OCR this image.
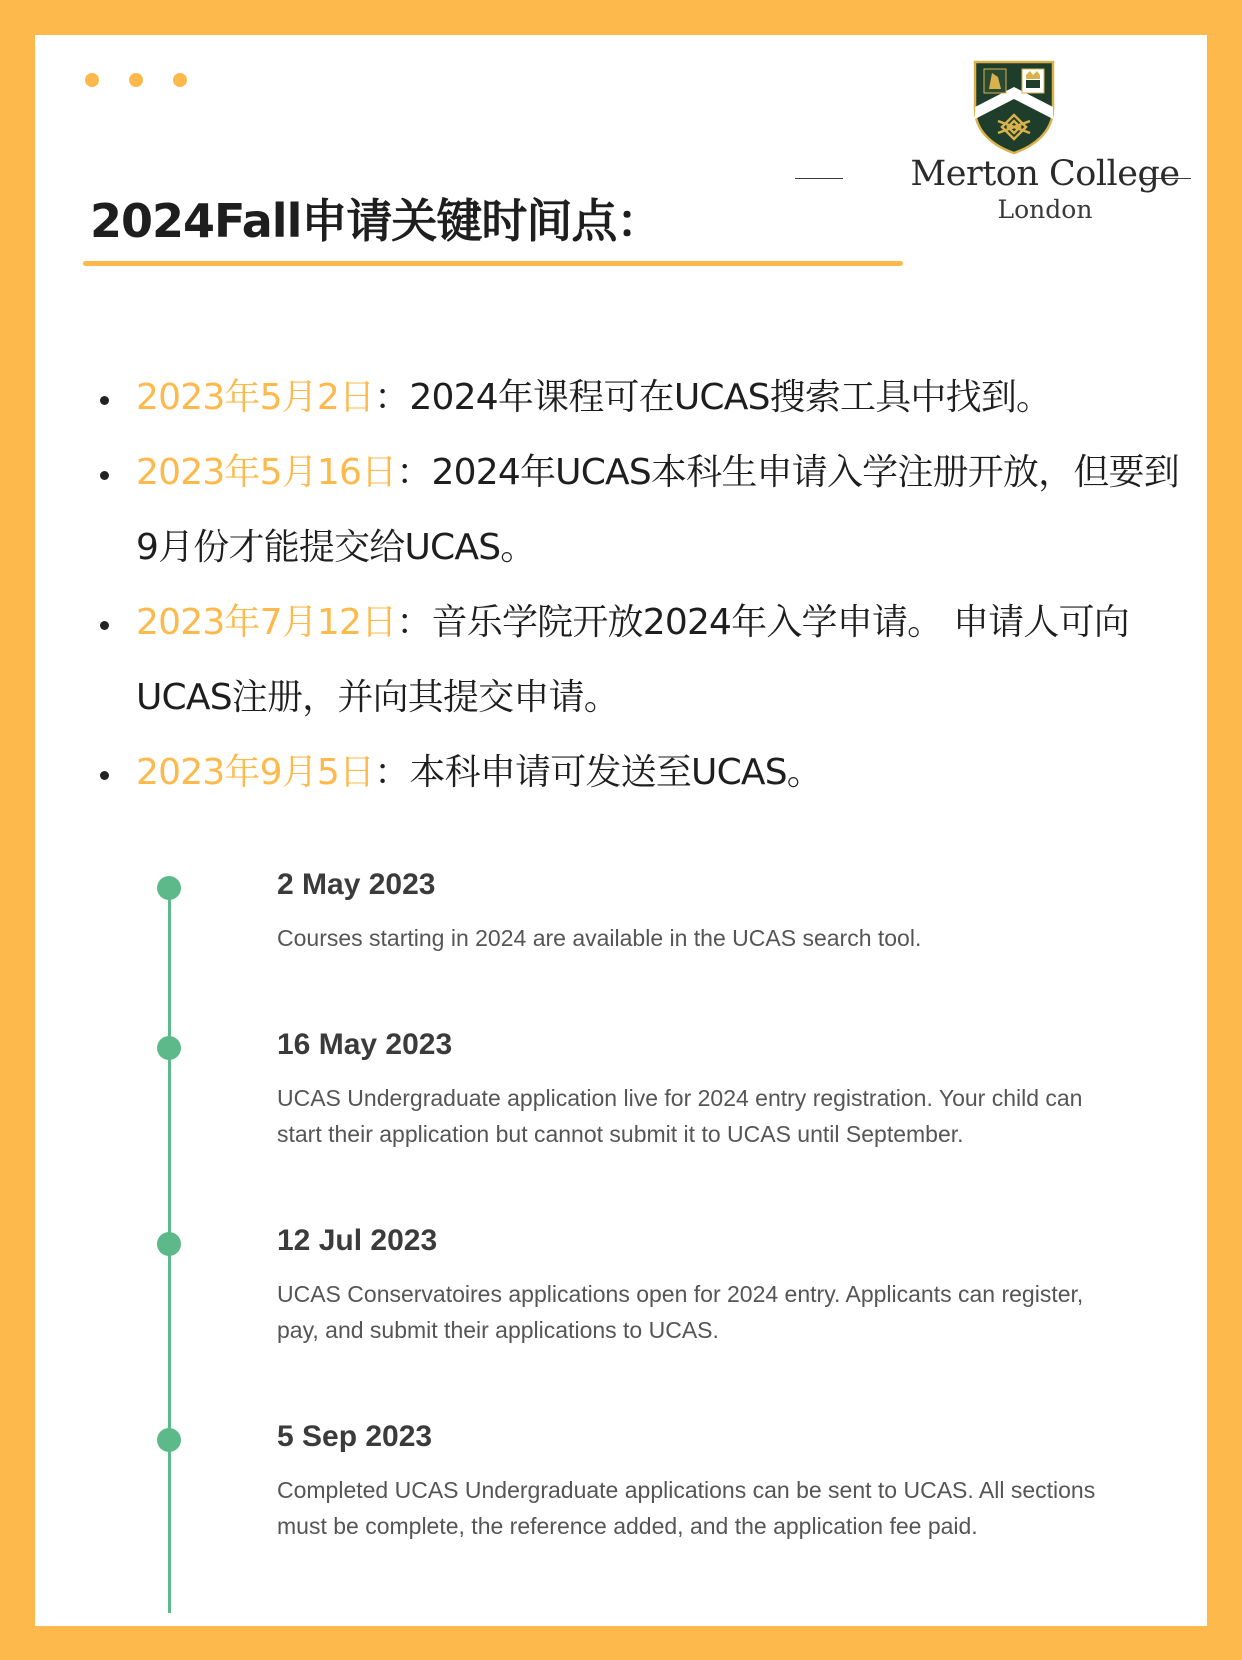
Merton College
London
2024Fall申请关键时间点：
2023年5月2日：2024年课程可在UCAS搜索工具中找到。
2023年5月16日：2024年UCAS本科生申请入学注册开放，但要到9月份才能提交给UCAS。
2023年7月12日：音乐学院开放2024年入学申请。 申请人可向UCAS注册，并向其提交申请。
2023年9月5日：本科申请可发送至UCAS。
2 May 2023
Courses starting in 2024 are available in the UCAS search tool.
16 May 2023
UCAS Undergraduate application live for 2024 entry registration. Your child can start their application but cannot submit it to UCAS until September.
12 Jul 2023
UCAS Conservatoires applications open for 2024 entry. Applicants can register, pay, and submit their applications to UCAS.
5 Sep 2023
Completed UCAS Undergraduate applications can be sent to UCAS. All sections must be complete, the reference added, and the application fee paid.
